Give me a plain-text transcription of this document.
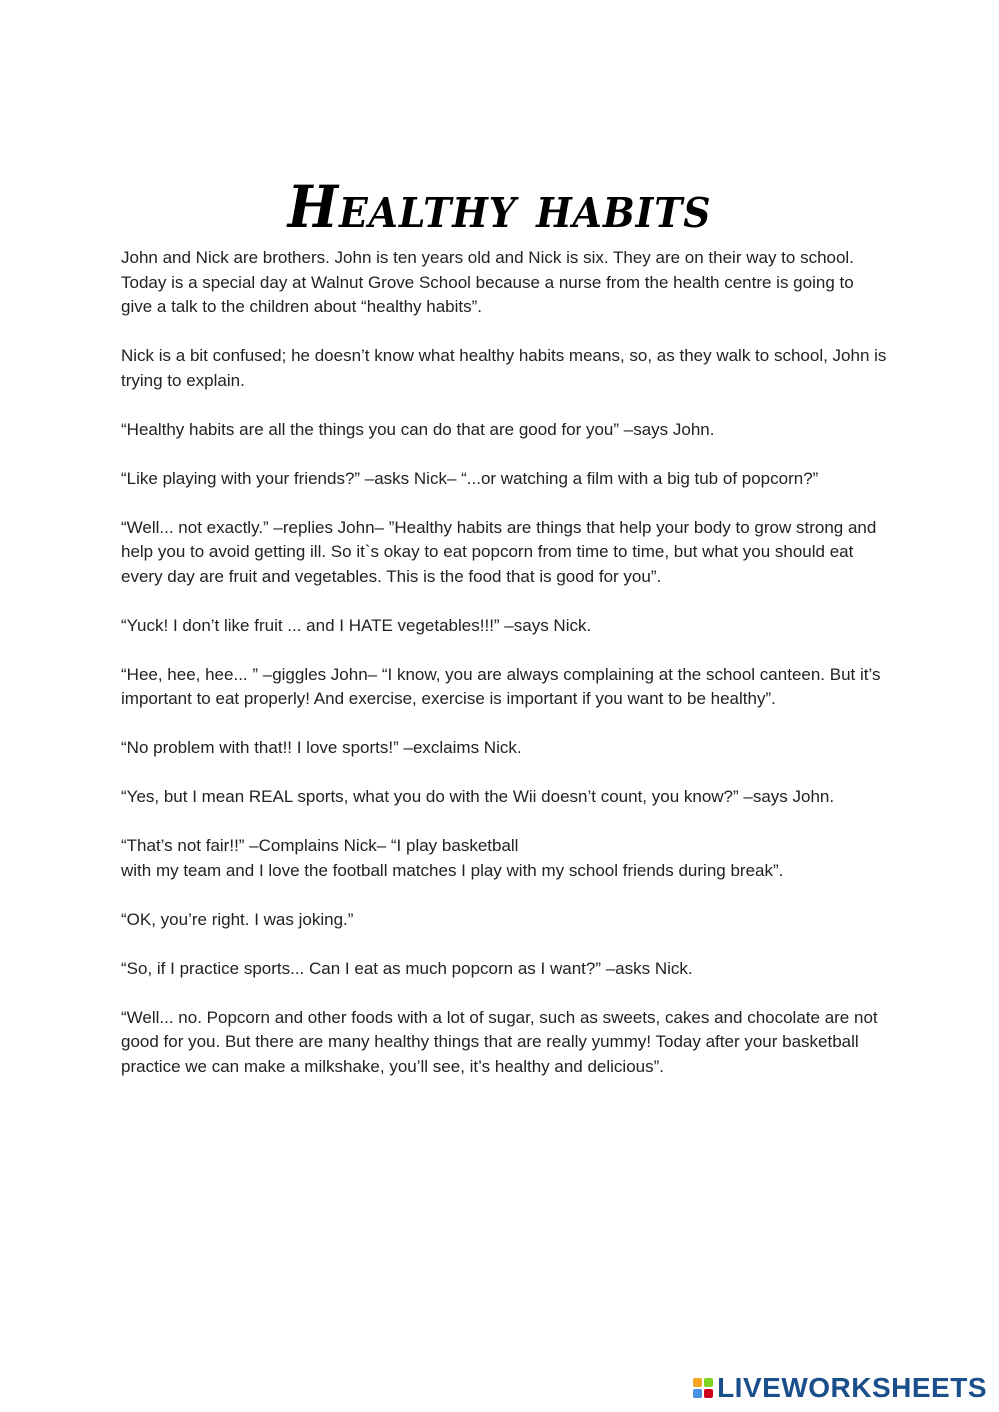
Healthy habits

John and Nick are brothers. John is ten years old and Nick is six. They are on their way to school. Today is a special day at Walnut Grove School because a nurse from the health centre is going to give a talk to the children about “healthy habits”.

Nick is a bit confused; he doesn’t know what healthy habits means, so, as they walk to school, John is trying to explain.

“Healthy habits are all the things you can do that are good for you” –says John.

“Like playing with your friends?” –asks Nick– “...or watching a film with a big tub of popcorn?”

“Well... not exactly.” –replies John– ”Healthy habits are things that help your body to grow strong and help you to avoid getting ill. So it`s okay to eat popcorn from time to time, but what you should eat every day are fruit and vegetables. This is the food that is good for you”.

“Yuck! I don’t like fruit ... and I HATE vegetables!!!” –says Nick.

“Hee, hee, hee... ” –giggles John– “I know, you are always complaining at the school canteen. But it’s important to eat properly! And exercise, exercise is important if you want to be healthy”.

“No problem with that!! I love sports!” –exclaims Nick.

“Yes, but I mean REAL sports, what you do with the Wii doesn’t count, you know?” –says John.

“That’s not fair!!” –Complains Nick– “I play basketball
with my team and I love the football matches I play with my school friends during break”.

“OK, you’re right. I was joking.”

“So, if I practice sports... Can I eat as much popcorn as I want?” –asks Nick.

“Well... no. Popcorn and other foods with a lot of sugar, such as sweets, cakes and chocolate are not good for you. But there are many healthy things that are really yummy! Today after your basketball practice we can make a milkshake, you’ll see, it’s healthy and delicious”.

LIVEWORKSHEETS
